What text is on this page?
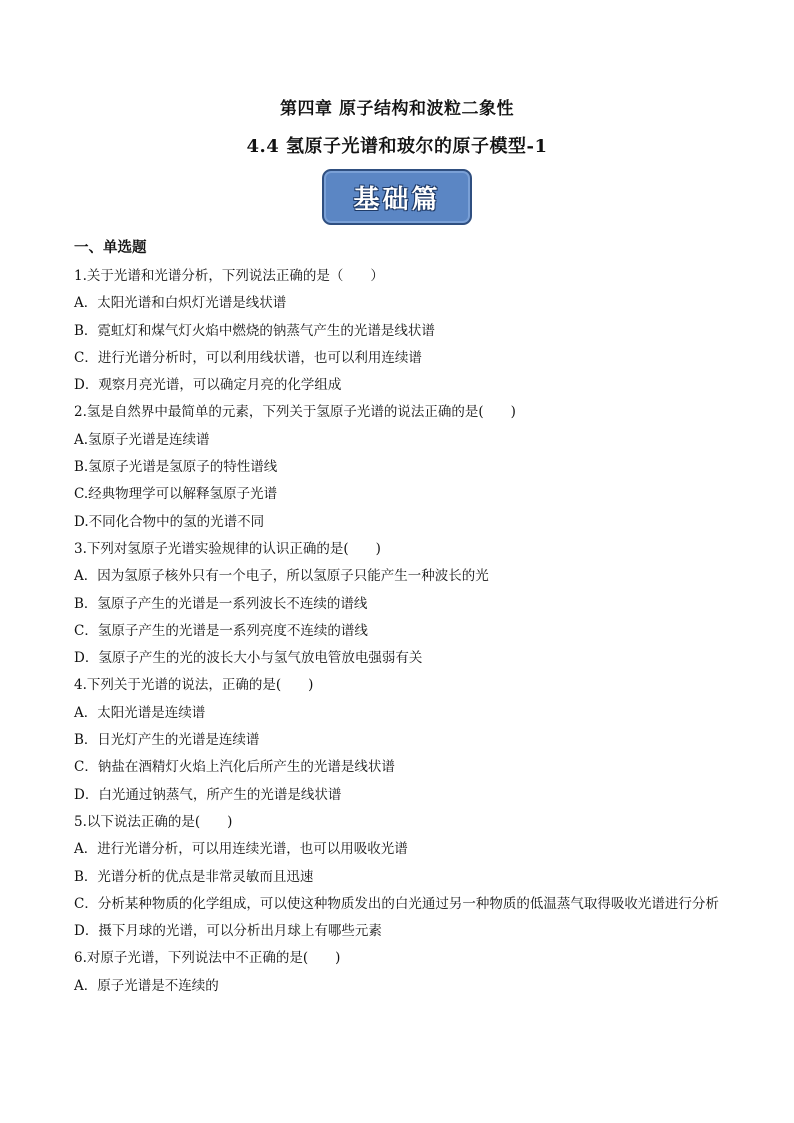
第四章 原子结构和波粒二象性
4.4 氢原子光谱和玻尔的原子模型-1
基础篇
一、单选题
1.关于光谱和光谱分析，下列说法正确的是（　　）
A．太阳光谱和白炽灯光谱是线状谱
B．霓虹灯和煤气灯火焰中燃烧的钠蒸气产生的光谱是线状谱
C．进行光谱分析时，可以利用线状谱，也可以利用连续谱
D．观察月亮光谱，可以确定月亮的化学组成
2.氢是自然界中最简单的元素，下列关于氢原子光谱的说法正确的是(　　)
A.氢原子光谱是连续谱
B.氢原子光谱是氢原子的特性谱线
C.经典物理学可以解释氢原子光谱
D.不同化合物中的氢的光谱不同
3.下列对氢原子光谱实验规律的认识正确的是(　　)
A．因为氢原子核外只有一个电子，所以氢原子只能产生一种波长的光
B．氢原子产生的光谱是一系列波长不连续的谱线
C．氢原子产生的光谱是一系列亮度不连续的谱线
D．氢原子产生的光的波长大小与氢气放电管放电强弱有关
4.下列关于光谱的说法，正确的是(　　)
A．太阳光谱是连续谱
B．日光灯产生的光谱是连续谱
C．钠盐在酒精灯火焰上汽化后所产生的光谱是线状谱
D．白光通过钠蒸气，所产生的光谱是线状谱
5.以下说法正确的是(　　)
A．进行光谱分析，可以用连续光谱，也可以用吸收光谱
B．光谱分析的优点是非常灵敏而且迅速
C．分析某种物质的化学组成，可以使这种物质发出的白光通过另一种物质的低温蒸气取得吸收光谱进行分析
D．摄下月球的光谱，可以分析出月球上有哪些元素
6.对原子光谱，下列说法中不正确的是(　　)
A．原子光谱是不连续的
